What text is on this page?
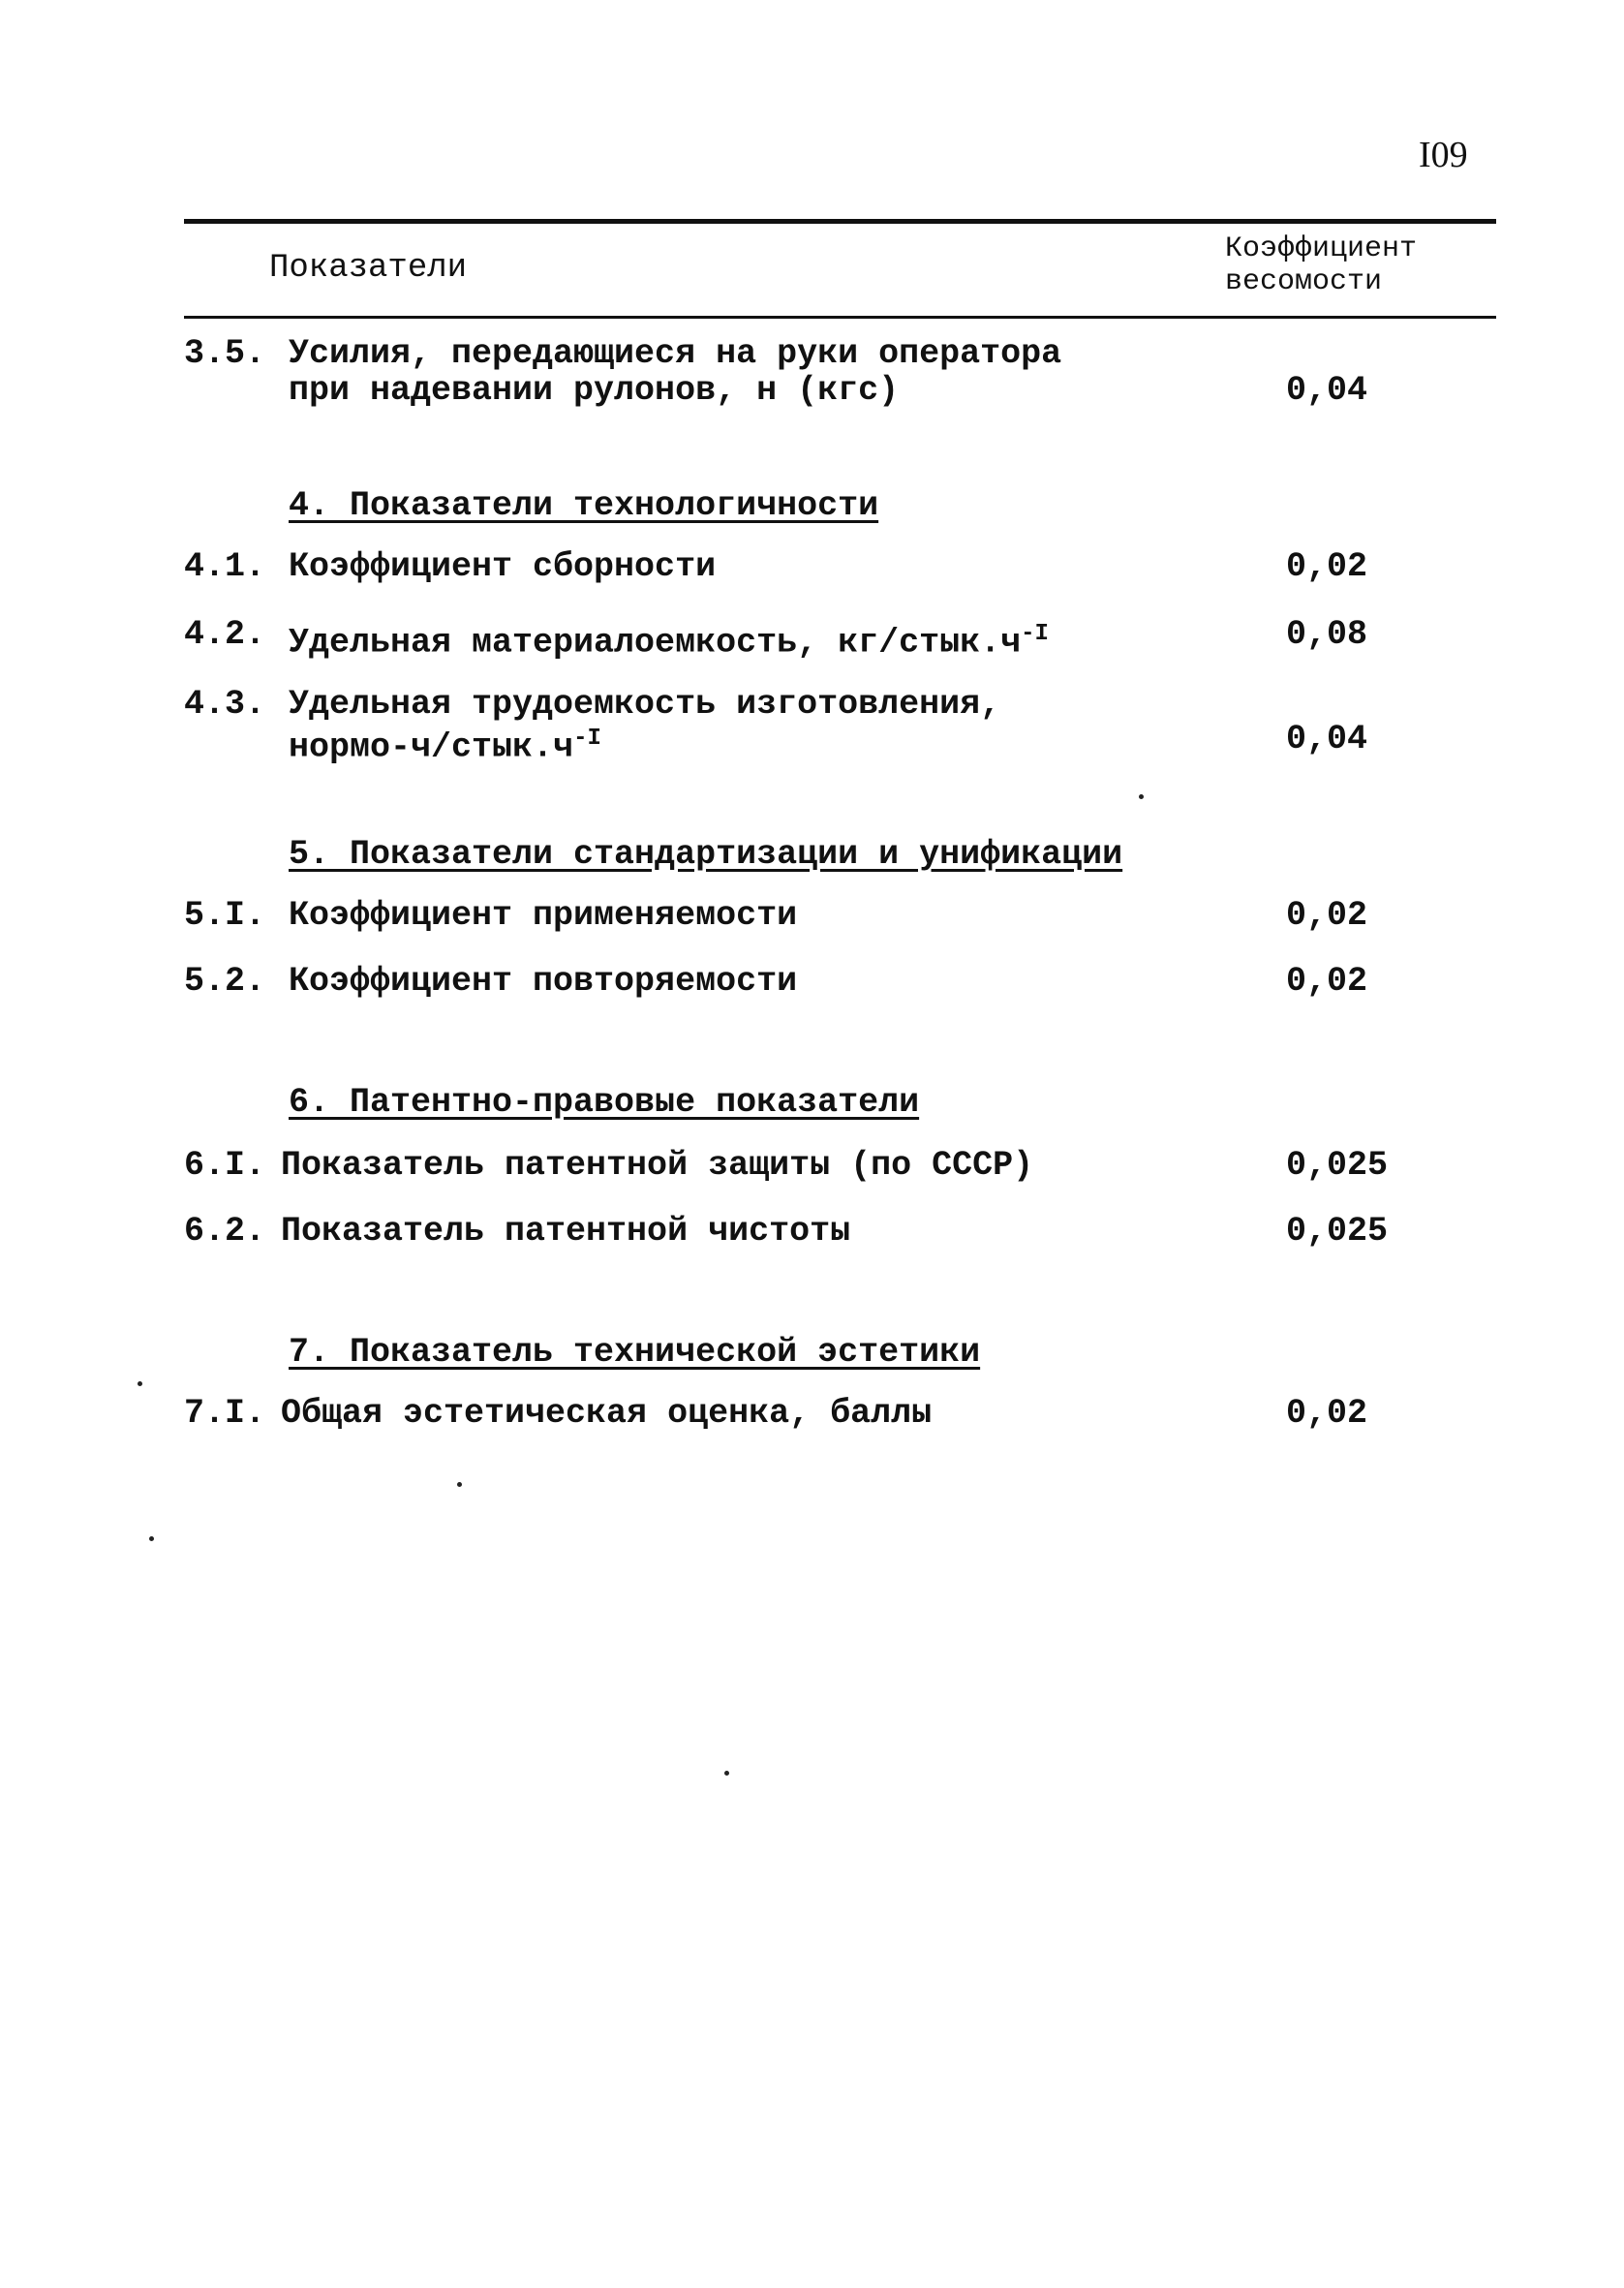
I09
Показатели
Коэффициент
весомости
3.5. Усилия, передающиеся на руки оператора
при надевании рулонов, н (кгс)	0,04
4. Показатели технологичности
4.1. Коэффициент сборности	0,02
4.2. Удельная материалоемкость, $кг/стык.ч^{-I}$	0,08
4.3. Удельная трудоемкость изготовления,
нормо-$ч/стык.ч^{-I}$	0,04
5. Показатели стандартизации и унификации
5.I. Коэффициент применяемости	0,02
5.2. Коэффициент повторяемости	0,02
6. Патентно-правовые показатели
6.I. Показатель патентной защиты (по СССР)	0,025
6.2. Показатель патентной чистоты	0,025
7. Показатель технической эстетики
7.I. Общая эстетическая оценка, баллы	0,02
